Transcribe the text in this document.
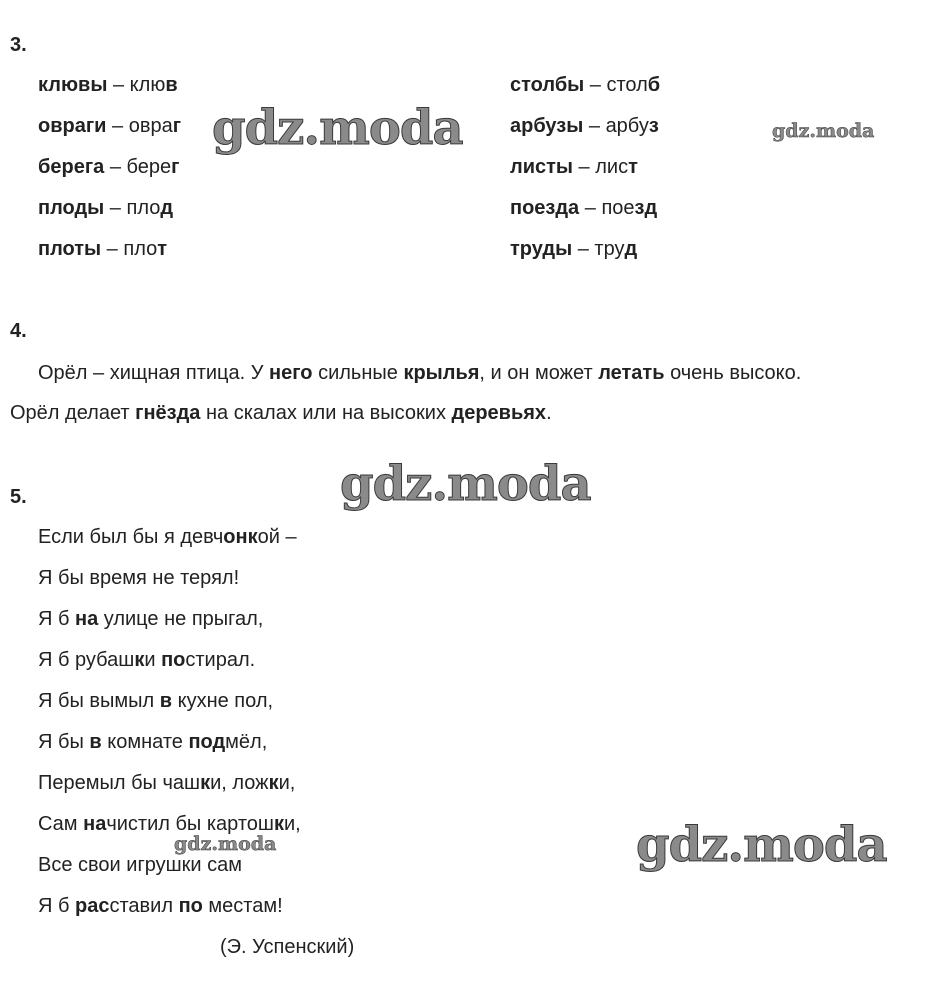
3.
клювы – клюв
овраги – овраг
берега – берег
плоды – плод
плоты – плот
столбы – столб
арбузы – арбуз
листы – лист
поезда – поезд
труды – труд
4.
Орёл – хищная птица. У него сильные крылья, и он может летать очень высоко.
Орёл делает гнёзда на скалах или на высоких деревьях.
5.
Если был бы я девчонкой –
Я бы время не терял!
Я б на улице не прыгал,
Я б рубашки постирал.
Я бы вымыл в кухне пол,
Я бы в комнате подмёл,
Перемыл бы чашки, ложки,
Сам начистил бы картошки,
Все свои игрушки сам
Я б расставил по местам!
(Э. Успенский)
gdz.moda	gdz.moda
gdz.moda
gdz.moda	gdz.moda
